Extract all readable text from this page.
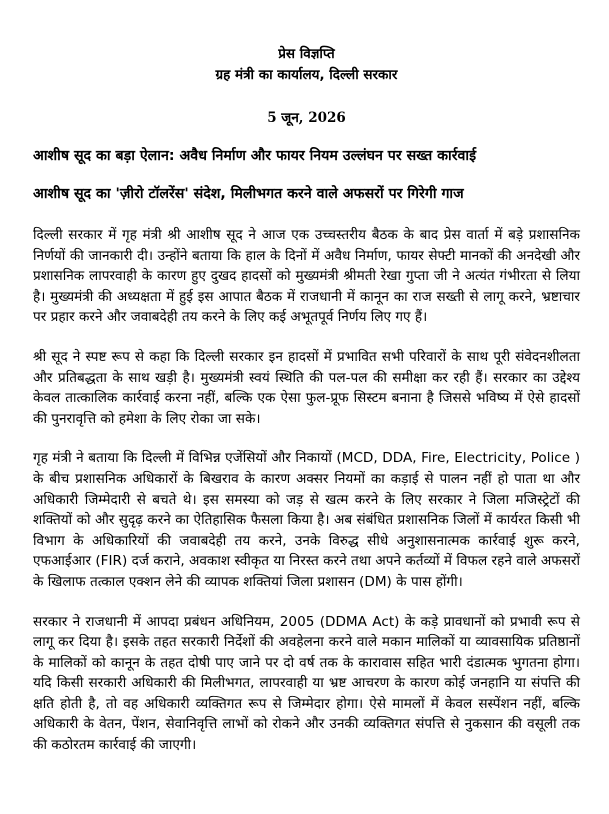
प्रेस विज्ञप्ति
ग्रह मंत्री का कार्यालय, दिल्ली सरकार
5 जून, 2026
आशीष सूद का बड़ा ऐलान: अवैध निर्माण और फायर नियम उल्लंघन पर सख्त कार्रवाई
आशीष सूद का 'ज़ीरो टॉलरेंस' संदेश, मिलीभगत करने वाले अफसरों पर गिरेगी गाज

दिल्ली सरकार में गृह मंत्री श्री आशीष सूद ने आज एक उच्चस्तरीय बैठक के बाद प्रेस वार्ता में बड़े प्रशासनिक निर्णयों की जानकारी दी। उन्होंने बताया कि हाल के दिनों में अवैध निर्माण, फायर सेफ्टी मानकों की अनदेखी और प्रशासनिक लापरवाही के कारण हुए दुखद हादसों को मुख्यमंत्री श्रीमती रेखा गुप्ता जी ने अत्यंत गंभीरता से लिया है। मुख्यमंत्री की अध्यक्षता में हुई इस आपात बैठक में राजधानी में कानून का राज सख्ती से लागू करने, भ्रष्टाचार पर प्रहार करने और जवाबदेही तय करने के लिए कई अभूतपूर्व निर्णय लिए गए हैं।

श्री सूद ने स्पष्ट रूप से कहा कि दिल्ली सरकार इन हादसों में प्रभावित सभी परिवारों के साथ पूरी संवेदनशीलता और प्रतिबद्धता के साथ खड़ी है। मुख्यमंत्री स्वयं स्थिति की पल-पल की समीक्षा कर रही हैं। सरकार का उद्देश्य केवल तात्कालिक कार्रवाई करना नहीं, बल्कि एक ऐसा फुल-प्रूफ सिस्टम बनाना है जिससे भविष्य में ऐसे हादसों की पुनरावृत्ति को हमेशा के लिए रोका जा सके।

गृह मंत्री ने बताया कि दिल्ली में विभिन्न एजेंसियों और निकायों (MCD, DDA, Fire, Electricity, Police ) के बीच प्रशासनिक अधिकारों के बिखराव के कारण अक्सर नियमों का कड़ाई से पालन नहीं हो पाता था और अधिकारी जिम्मेदारी से बचते थे। इस समस्या को जड़ से खत्म करने के लिए सरकार ने जिला मजिस्ट्रेटों की शक्तियों को और सुदृढ़ करने का ऐतिहासिक फैसला किया है। अब संबंधित प्रशासनिक जिलों में कार्यरत किसी भी विभाग के अधिकारियों की जवाबदेही तय करने, उनके विरुद्ध सीधे अनुशासनात्मक कार्रवाई शुरू करने, एफआईआर (FIR) दर्ज कराने, अवकाश स्वीकृत या निरस्त करने तथा अपने कर्तव्यों में विफल रहने वाले अफसरों के खिलाफ तत्काल एक्शन लेने की व्यापक शक्तियां जिला प्रशासन (DM) के पास होंगी।

सरकार ने राजधानी में आपदा प्रबंधन अधिनियम, 2005 (DDMA Act) के कड़े प्रावधानों को प्रभावी रूप से लागू कर दिया है। इसके तहत सरकारी निर्देशों की अवहेलना करने वाले मकान मालिकों या व्यावसायिक प्रतिष्ठानों के मालिकों को कानून के तहत दोषी पाए जाने पर दो वर्ष तक के कारावास सहित भारी दंडात्मक भुगतना होगा। यदि किसी सरकारी अधिकारी की मिलीभगत, लापरवाही या भ्रष्ट आचरण के कारण कोई जनहानि या संपत्ति की क्षति होती है, तो वह अधिकारी व्यक्तिगत रूप से जिम्मेदार होगा। ऐसे मामलों में केवल सस्पेंशन नहीं, बल्कि अधिकारी के वेतन, पेंशन, सेवानिवृत्ति लाभों को रोकने और उनकी व्यक्तिगत संपत्ति से नुकसान की वसूली तक की कठोरतम कार्रवाई की जाएगी।
